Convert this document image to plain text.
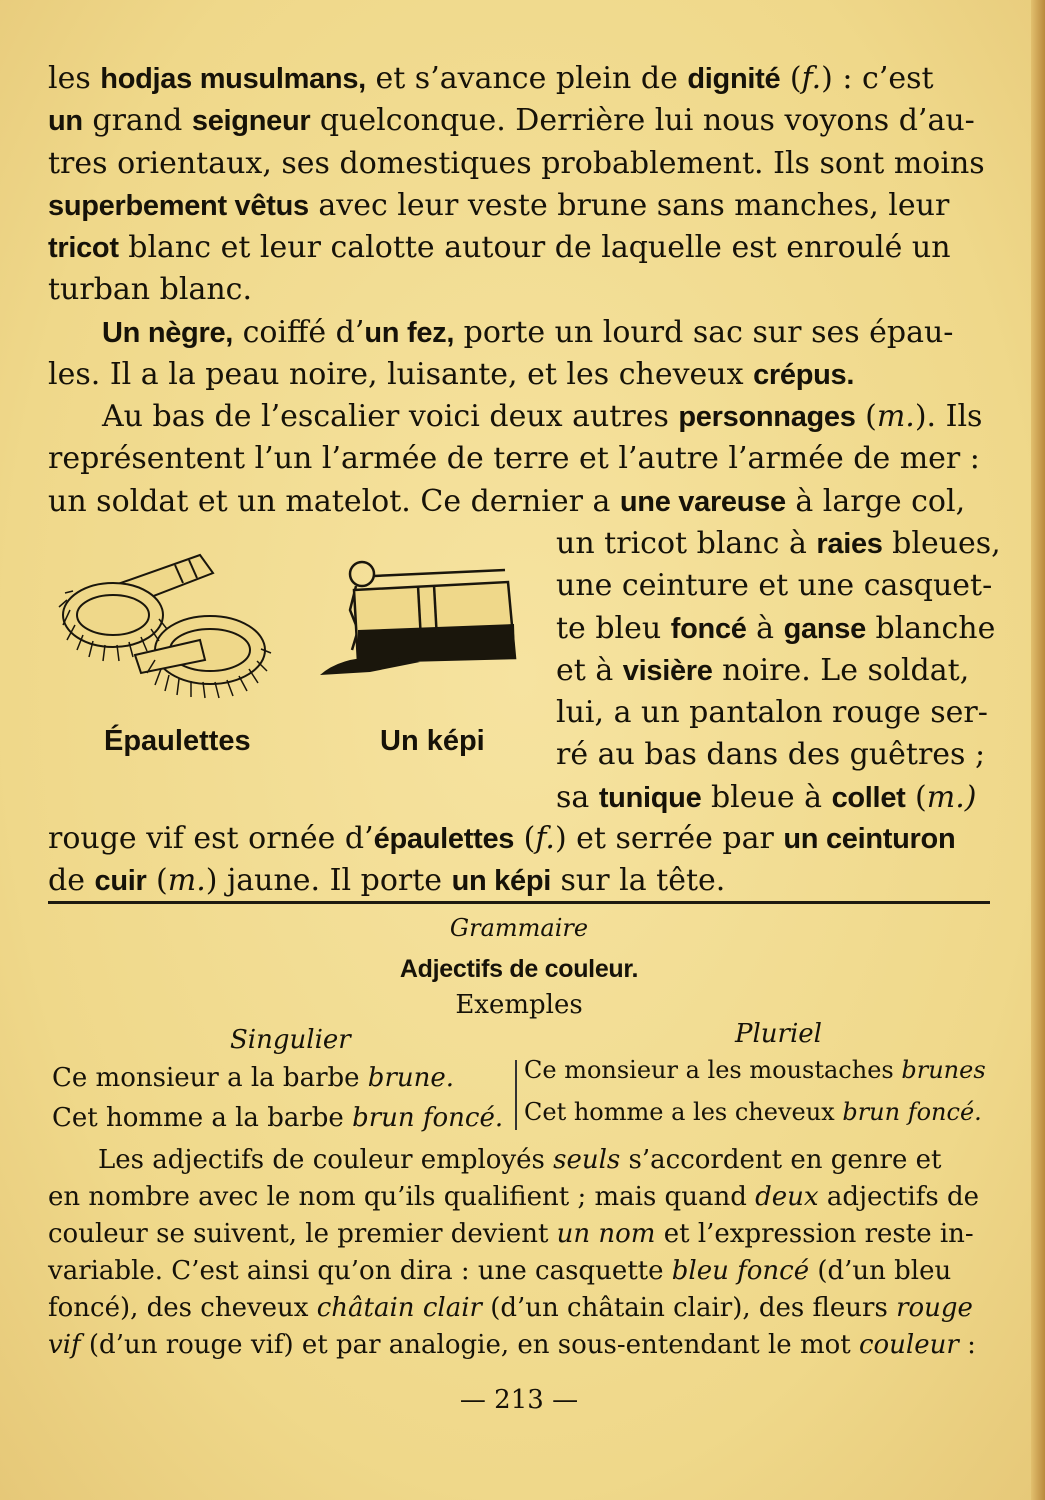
les hodjas musulmans, et s’avance plein de dignité (f.) : c’est
un grand seigneur quelconque. Derrière lui nous voyons d’au-
tres orientaux, ses domestiques probablement. Ils sont moins
superbement vêtus avec leur veste brune sans manches, leur
tricot blanc et leur calotte autour de laquelle est enroulé un
turban blanc.
Un nègre, coiffé d’un fez, porte un lourd sac sur ses épau-
les. Il a la peau noire, luisante, et les cheveux crépus.
Au bas de l’escalier voici deux autres personnages (m.). Ils
représentent l’un l’armée de terre et l’autre l’armée de mer :
un soldat et un matelot. Ce dernier a une vareuse à large col,
un tricot blanc à raies bleues,
une ceinture et une casquet-
te bleu foncé à ganse blanche
et à visière noire. Le soldat,
lui, a un pantalon rouge ser-
ré au bas dans des guêtres ;
sa tunique bleue à collet (m.)
rouge vif est ornée d’épaulettes (f.) et serrée par un ceinturon
de cuir (m.) jaune. Il porte un képi sur la tête.
Épaulettes	Un képi
Grammaire
Adjectifs de couleur.
Exemples
Singulier	Pluriel
Ce monsieur a la barbe brune.
Cet homme a la barbe brun foncé.
Ce monsieur a les moustaches brunes
Cet homme a les cheveux brun foncé.
Les adjectifs de couleur employés seuls s’accordent en genre et
en nombre avec le nom qu’ils qualifient ; mais quand deux adjectifs de
couleur se suivent, le premier devient un nom et l’expression reste in-
variable. C’est ainsi qu’on dira : une casquette bleu foncé (d’un bleu
foncé), des cheveux châtain clair (d’un châtain clair), des fleurs rouge
vif (d’un rouge vif) et par analogie, en sous-entendant le mot couleur :
— 213 —
